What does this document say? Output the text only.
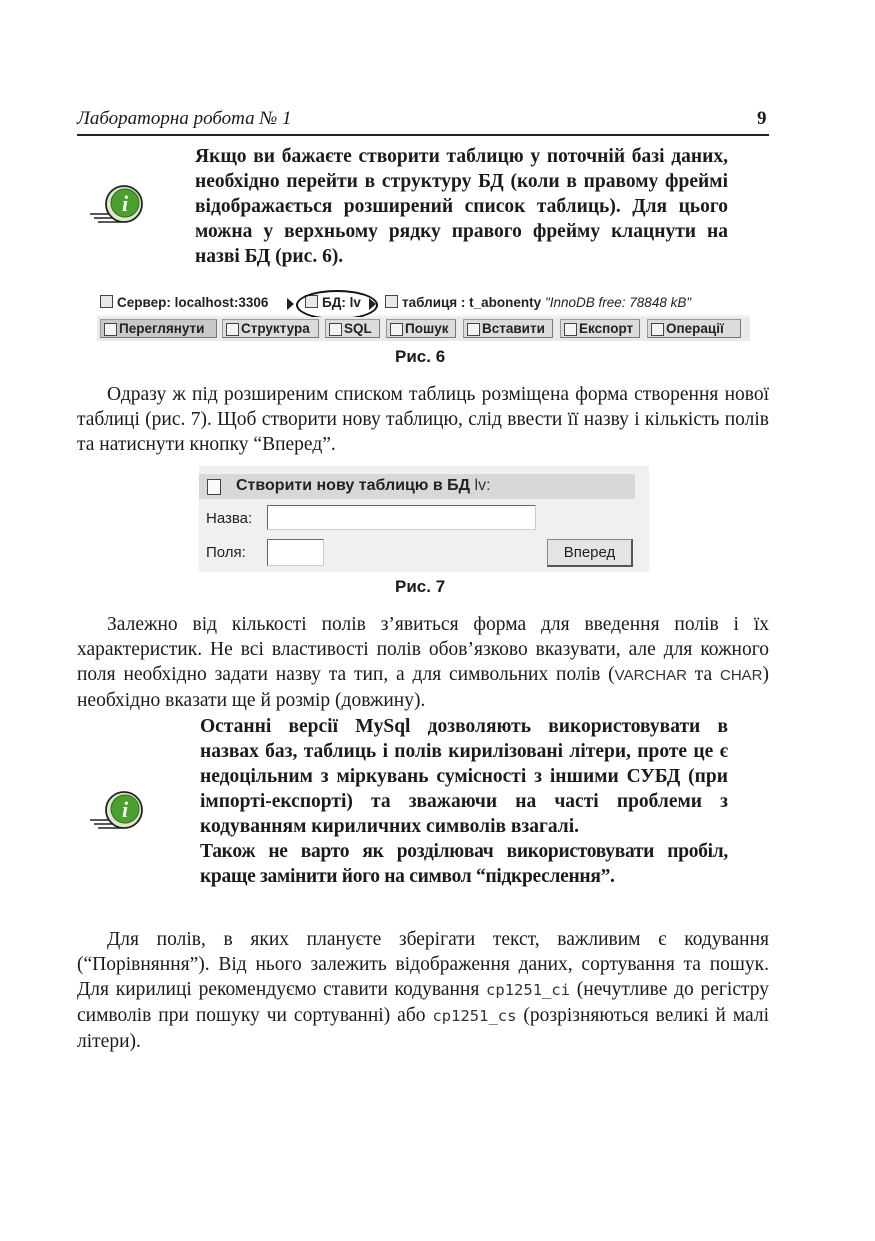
Лабораторна робота № 1	9
i

Якщо ви бажаєте створити таблицю у поточній базі даних, необхідно перейти в структуру БД (коли в правому фреймі відображається розширений список таблиць). Для цього можна у верхньому рядку правого фрейму клацнути на назві БД (рис. 6).

Сервер: localhost:3306	БД: lv	таблиця : t_abonenty "InnoDB free: 78848 kB"
Переглянути	Структура	SQL	Пошук	Вставити	Експорт	Операції
Рис. 6

Одразу ж під розширеним списком таблиць розміщена форма створення нової таблиці (рис. 7). Щоб створити нову таблицю, слід ввести її назву і кількість полів та натиснути кнопку “Вперед”.

Створити нову таблицю в БД lv:
Назва:
Поля:	Вперед
Рис. 7

Залежно від кількості полів з’явиться форма для введення полів і їх характеристик. Не всі властивості полів обов’язково вказувати, але для кожного поля необхідно задати назву та тип, а для символьних полів (VARCHAR та CHAR) необхідно вказати ще й розмір (довжину).

i

Останні версії MySql дозволяють використовувати в назвах баз, таблиць і полів кирилізовані літери, проте це є недоцільним з міркувань сумісності з іншими СУБД (при імпорті-експорті) та зважаючи на часті проблеми з кодуванням кириличних символів взагалі.

Також не варто як розділювач використовувати пробіл, краще замінити його на символ “підкреслення”.

Для полів, в яких плануєте зберігати текст, важливим є кодування (“Порівняння”). Від нього залежить відображення даних, сортування та пошук. Для кирилиці рекомендуємо ставити кодування cp1251_ci (нечутливе до регістру символів при пошуку чи сортуванні) або cp1251_cs (розрізняються великі й малі літери).
